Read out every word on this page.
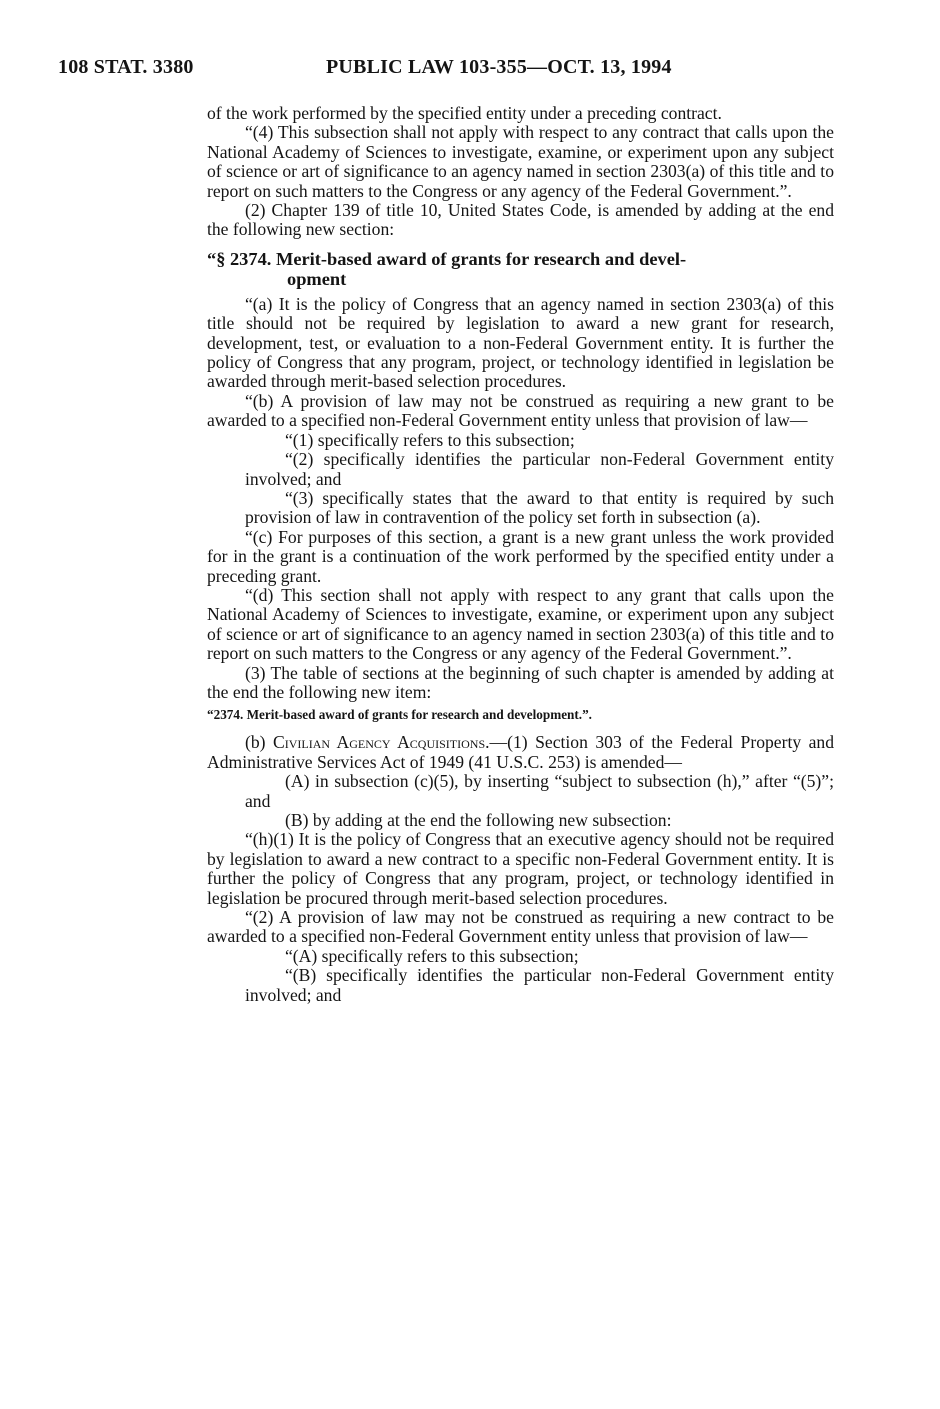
108 STAT. 3380	PUBLIC LAW 103-355—OCT. 13, 1994

of the work performed by the specified entity under a preceding contract.

“(4) This subsection shall not apply with respect to any contract that calls upon the National Academy of Sciences to investigate, examine, or experiment upon any subject of science or art of significance to an agency named in section 2303(a) of this title and to report on such matters to the Congress or any agency of the Federal Government.”.

(2) Chapter 139 of title 10, United States Code, is amended by adding at the end the following new section:

“§ 2374. Merit-based award of grants for research and devel-
opment

“(a) It is the policy of Congress that an agency named in section 2303(a) of this title should not be required by legislation to award a new grant for research, development, test, or evaluation to a non-Federal Government entity. It is further the policy of Congress that any program, project, or technology identified in legislation be awarded through merit-based selection procedures.

“(b) A provision of law may not be construed as requiring a new grant to be awarded to a specified non-Federal Government entity unless that provision of law—

“(1) specifically refers to this subsection;

“(2) specifically identifies the particular non-Federal Government entity involved; and

“(3) specifically states that the award to that entity is required by such provision of law in contravention of the policy set forth in subsection (a).

“(c) For purposes of this section, a grant is a new grant unless the work provided for in the grant is a continuation of the work performed by the specified entity under a preceding grant.

“(d) This section shall not apply with respect to any grant that calls upon the National Academy of Sciences to investigate, examine, or experiment upon any subject of science or art of significance to an agency named in section 2303(a) of this title and to report on such matters to the Congress or any agency of the Federal Government.”.

(3) The table of sections at the beginning of such chapter is amended by adding at the end the following new item:

“2374. Merit-based award of grants for research and development.”.

(b) Civilian Agency Acquisitions.—(1) Section 303 of the Federal Property and Administrative Services Act of 1949 (41 U.S.C. 253) is amended—

(A) in subsection (c)(5), by inserting “subject to subsection (h),” after “(5)”; and

(B) by adding at the end the following new subsection:

“(h)(1) It is the policy of Congress that an executive agency should not be required by legislation to award a new contract to a specific non-Federal Government entity. It is further the policy of Congress that any program, project, or technology identified in legislation be procured through merit-based selection procedures.

“(2) A provision of law may not be construed as requiring a new contract to be awarded to a specified non-Federal Government entity unless that provision of law—

“(A) specifically refers to this subsection;

“(B) specifically identifies the particular non-Federal Government entity involved; and
